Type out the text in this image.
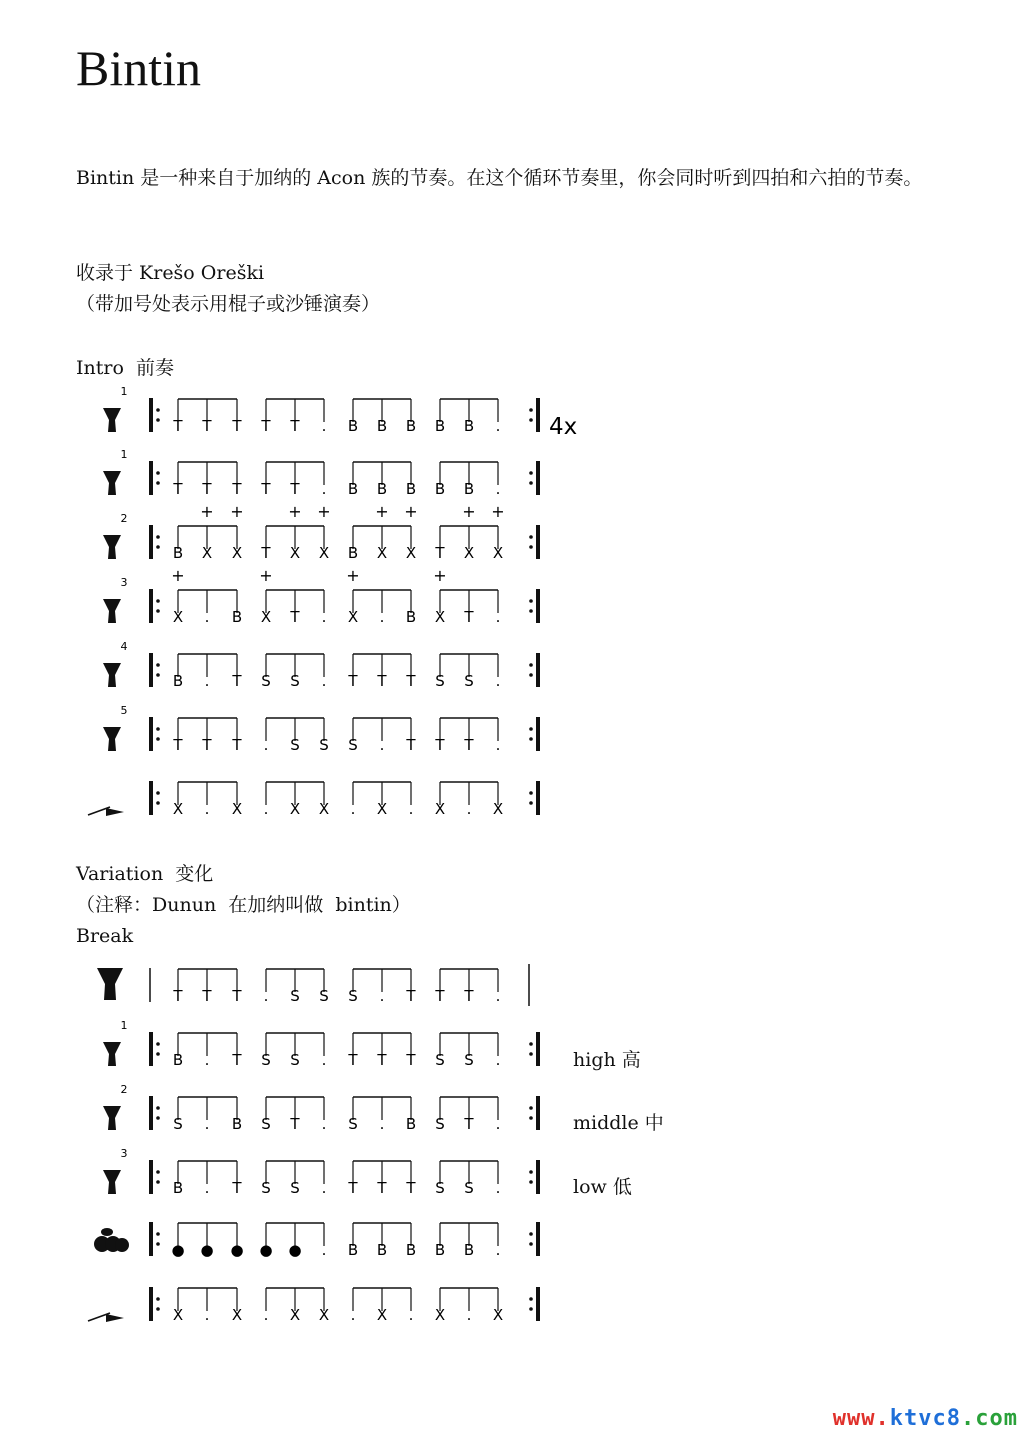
Bintin
Bintin 是一种来自于加纳的 Acon 族的节奏。在这个循环节奏里，你会同时听到四拍和六拍的节奏。
收录于 Krešo Oreški
（带加号处表示用棍子或沙锤演奏）
Intro  前奏
Variation  变化
（注释：Dunun  在加纳叫做  bintin）
Break
high 高
middle 中
low 低
1
T T T T T . B B B B B . 4x
1
T T T T T . B B B B B .
2
B
+
X
+
X T
+
X
+
X B
+
X
+
X T
+
X
+
X
3	+
X . B
+
X T .
+
X . B
+
X T .
4
B . T S S . T T T S S .
5
T T T . S S S . T T T .
X . X . X X . X . X . X
T T T . S S S . T T T .
1
B . T S S . T T T S S .
2
S . B S T . S . B S T .
3
B . T S S . T T T S S .
● ● ● ● ● . B B B B B .
X . X . X X . X . X . X
www.ktvc8.com
